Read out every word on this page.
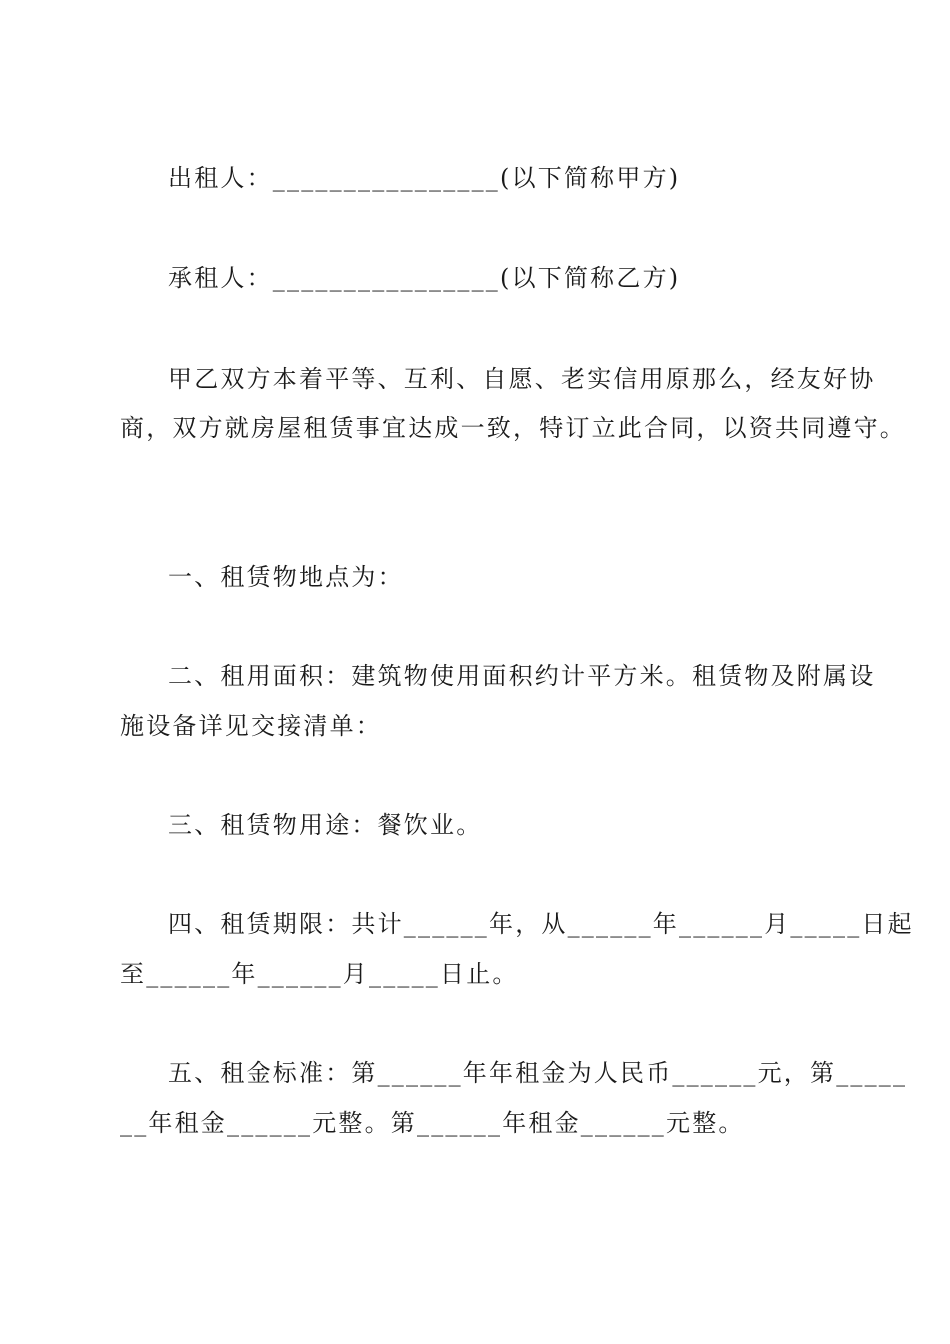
出租人：________________(以下简称甲方)
承租人：________________(以下简称乙方)
甲乙双方本着平等、互利、自愿、老实信用原那么，经友好协
商，双方就房屋租赁事宜达成一致，特订立此合同，以资共同遵守。
一、租赁物地点为：
二、租用面积：建筑物使用面积约计平方米。租赁物及附属设
施设备详见交接清单：
三、租赁物用途：餐饮业。
四、租赁期限：共计______年，从______年______月_____日起
至______年______月_____日止。
五、租金标准：第______年年租金为人民币______元，第_____
__年租金______元整。第______年租金______元整。
